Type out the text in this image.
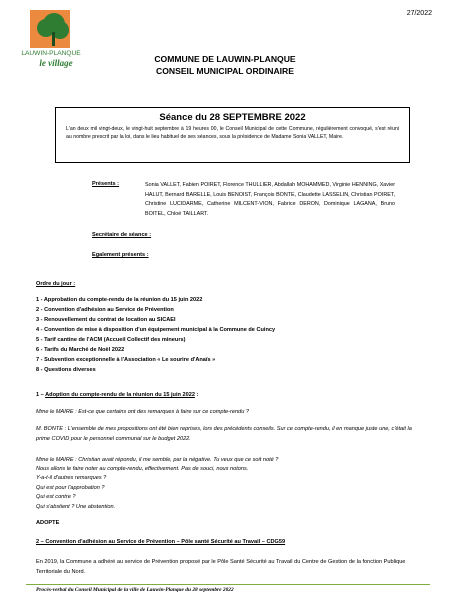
LAUWIN-PLANQUE
le village
27/2022
COMMUNE DE LAUWIN-PLANQUE
CONSEIL MUNICIPAL ORDINAIRE
Séance du 28 SEPTEMBRE 2022
L'an deux mil vingt-deux, le vingt-huit septembre à 19 heures 00, le Conseil Municipal de cette Commune, régulièrement convoqué, s'est réuni au nombre prescrit par la loi, dans le lieu habituel de ses séances, sous la présidence de Madame Sonia VALLET, Maire.
Présents :	Sonia VALLET, Fabien POIRET, Florence THULLIER, Abdallah MOHAMMED, Virginie HENNING, Xavier HALUT, Bernard BARELLE, Louis BENOIST, François BONTE, Claudette LASSELIN, Christian POIRET, Christine LUCIDARME, Catherine MILCENT-VION, Fabrice DERON, Dominique LAGANA, Bruno BOITEL, Chloé TAILLART.
Secrétaire de séance :
Egalement présents :
Ordre du jour :
1 - Approbation du compte-rendu de la réunion du 15 juin 2022
2 - Convention d'adhésion au Service de Prévention
3 - Renouvellement du contrat de location au SICAEI
4 - Convention de mise à disposition d'un équipement municipal à la Commune de Cuincy
5 - Tarif cantine de l'ACM (Accueil Collectif des mineurs)
6 - Tarifs du Marché de Noël 2022
7 - Subvention exceptionnelle à l'Association « Le sourire d'Anaïs »
8 - Questions diverses
1 – Adoption du compte-rendu de la réunion du 15 juin 2022 :
Mme le MAIRE : Est-ce que certains ont des remarques à faire sur ce compte-rendu ?
M. BONTE : L'ensemble de mes propositions ont été bien reprises, lors des précédents conseils. Sur ce compte-rendu, il en manque juste une, c'était la prime COVID pour le personnel communal sur le budget 2022.
Mme le MAIRE : Christian avait répondu, il me semble, par la négative. Tu veux que ce soit noté ?
Nous allons le faire noter au compte-rendu, effectivement. Pas de souci, nous notons.
Y-a-t-il d'autres remarques ?
Qui est pour l'approbation ?
Qui est contre ?
Qui s'abstient ? Une abstention.
ADOPTE
2 – Convention d'adhésion au Service de Prévention – Pôle santé Sécurité au Travail – CDG59
En 2019, la Commune a adhéré au service de Prévention proposé par le Pôle Santé Sécurité au Travail du Centre de Gestion de la fonction Publique Territoriale du Nord.
Procès-verbal du Conseil Municipal de la ville de Lauwin-Planque du 28 septembre 2022
